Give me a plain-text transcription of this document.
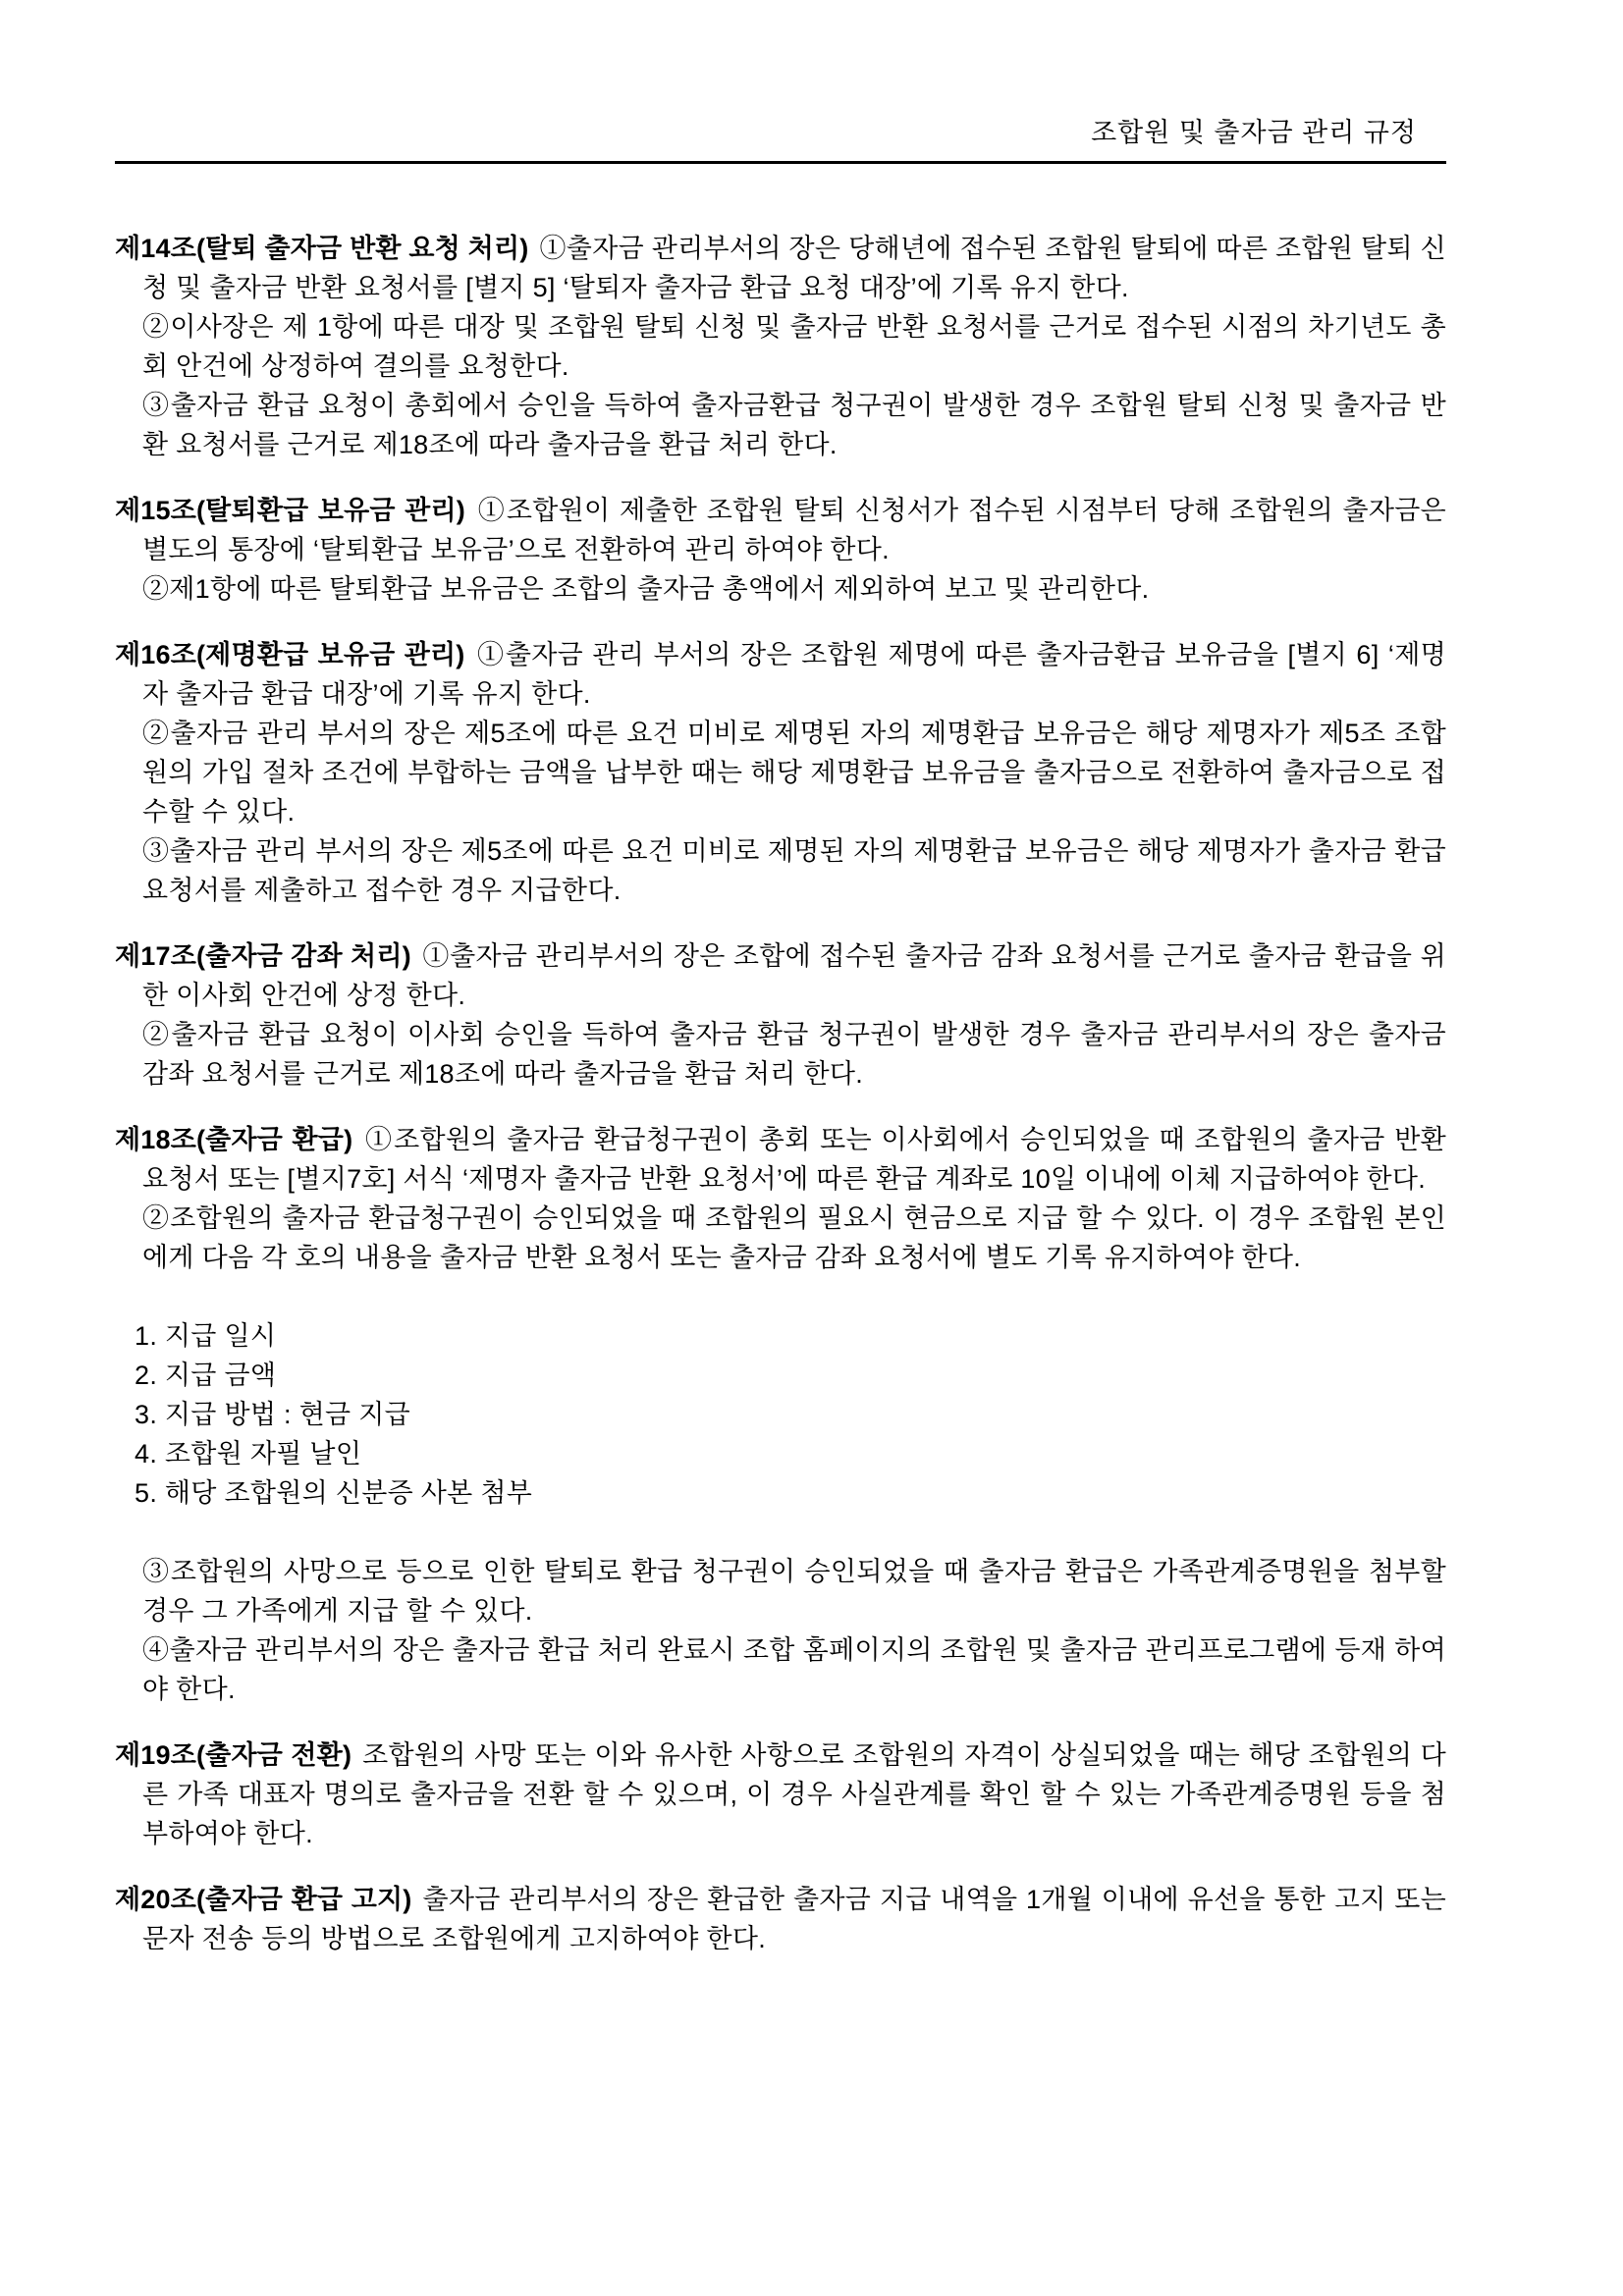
조합원 및 출자금 관리 규정

제14조(탈퇴 출자금 반환 요청 처리) ①출자금 관리부서의 장은 당해년에 접수된 조합원 탈퇴에 따른 조합원 탈퇴 신청 및 출자금 반환 요청서를 [별지 5] ‘탈퇴자 출자금 환급 요청 대장’에 기록 유지 한다.

②이사장은 제 1항에 따른 대장 및 조합원 탈퇴 신청 및 출자금 반환 요청서를 근거로 접수된 시점의 차기년도 총회 안건에 상정하여 결의를 요청한다.

③출자금 환급 요청이 총회에서 승인을 득하여 출자금환급 청구권이 발생한 경우 조합원 탈퇴 신청 및 출자금 반환 요청서를 근거로 제18조에 따라 출자금을 환급 처리 한다.

제15조(탈퇴환급 보유금 관리) ①조합원이 제출한 조합원 탈퇴 신청서가 접수된 시점부터 당해 조합원의 출자금은 별도의 통장에 ‘탈퇴환급 보유금’으로 전환하여 관리 하여야 한다.

②제1항에 따른 탈퇴환급 보유금은 조합의 출자금 총액에서 제외하여 보고 및 관리한다.

제16조(제명환급 보유금 관리) ①출자금 관리 부서의 장은 조합원 제명에 따른 출자금환급 보유금을 [별지 6] ‘제명자 출자금 환급 대장’에 기록 유지 한다.

②출자금 관리 부서의 장은 제5조에 따른 요건 미비로 제명된 자의 제명환급 보유금은 해당 제명자가 제5조 조합원의 가입 절차 조건에 부합하는 금액을 납부한 때는 해당 제명환급 보유금을 출자금으로 전환하여 출자금으로 접수할 수 있다.

③출자금 관리 부서의 장은 제5조에 따른 요건 미비로 제명된 자의 제명환급 보유금은 해당 제명자가 출자금 환급 요청서를 제출하고 접수한 경우 지급한다.

제17조(출자금 감좌 처리) ①출자금 관리부서의 장은 조합에 접수된 출자금 감좌 요청서를 근거로 출자금 환급을 위한 이사회 안건에 상정 한다.

②출자금 환급 요청이 이사회 승인을 득하여 출자금 환급 청구권이 발생한 경우 출자금 관리부서의 장은 출자금 감좌 요청서를 근거로 제18조에 따라 출자금을 환급 처리 한다.

제18조(출자금 환급) ①조합원의 출자금 환급청구권이 총회 또는 이사회에서 승인되었을 때 조합원의 출자금 반환 요청서 또는 [별지7호] 서식 ‘제명자 출자금 반환 요청서’에 따른 환급 계좌로 10일 이내에 이체 지급하여야 한다.

②조합원의 출자금 환급청구권이 승인되었을 때 조합원의 필요시 현금으로 지급 할 수 있다. 이 경우 조합원 본인에게 다음 각 호의 내용을 출자금 반환 요청서 또는 출자금 감좌 요청서에 별도 기록 유지하여야 한다.

1. 지급 일시

2. 지급 금액

3. 지급 방법 : 현금 지급

4. 조합원 자필 날인

5. 해당 조합원의 신분증 사본 첨부

③조합원의 사망으로 등으로 인한 탈퇴로 환급 청구권이 승인되었을 때 출자금 환급은 가족관계증명원을 첨부할 경우 그 가족에게 지급 할 수 있다.

④출자금 관리부서의 장은 출자금 환급 처리 완료시 조합 홈페이지의 조합원 및 출자금 관리프로그램에 등재 하여야 한다.

제19조(출자금 전환) 조합원의 사망 또는 이와 유사한 사항으로 조합원의 자격이 상실되었을 때는 해당 조합원의 다른 가족 대표자 명의로 출자금을 전환 할 수 있으며, 이 경우 사실관계를 확인 할 수 있는 가족관계증명원 등을 첨부하여야 한다.

제20조(출자금 환급 고지) 출자금 관리부서의 장은 환급한 출자금 지급 내역을 1개월 이내에 유선을 통한 고지 또는 문자 전송 등의 방법으로 조합원에게 고지하여야 한다.
